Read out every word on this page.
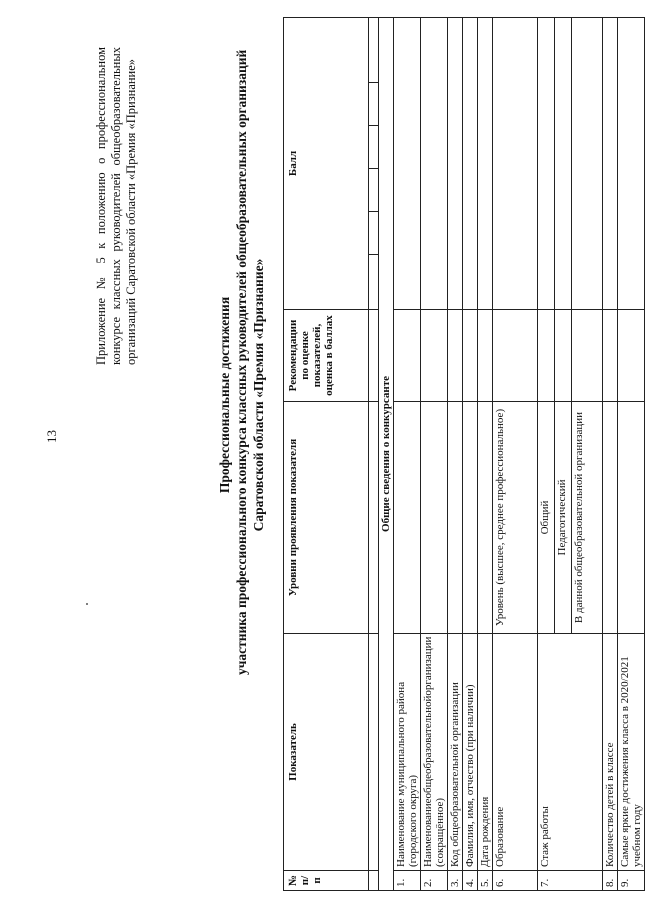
13
Приложение № 5 к положению о профессиональном конкурсе классных руководителей общеобразовательных организаций Саратовской области «Премия «Признание»
Профессиональные достижения участника профессионального конкурса классных руководителей общеобразовательных организаций Саратовской области «Премия «Признание»
№ п/ п	Показатель	Уровни проявления показателя	Рекомендации по оценке показателей, оценка в баллах	Балл					

Общие сведения о конкурсанте									
1.	Наименование муниципального района (городского округа)								
2.	Наименование
общеобразовательной
организации
(сокращённое)								

3.	Код общеобразовательной организации								
4.	Фамилия, имя, отчество (при наличии)								
5.	Дата рождения								
6.	Образование	Уровень (высшее, среднее профессиональное)							

7.	Стаж работы	Общий							

		Педагогический							

		В данной общеобразовательной организации							

8.	Количество детей в классе								
9.	Самые яркие достижения класса в 2020/2021 учебном году								
